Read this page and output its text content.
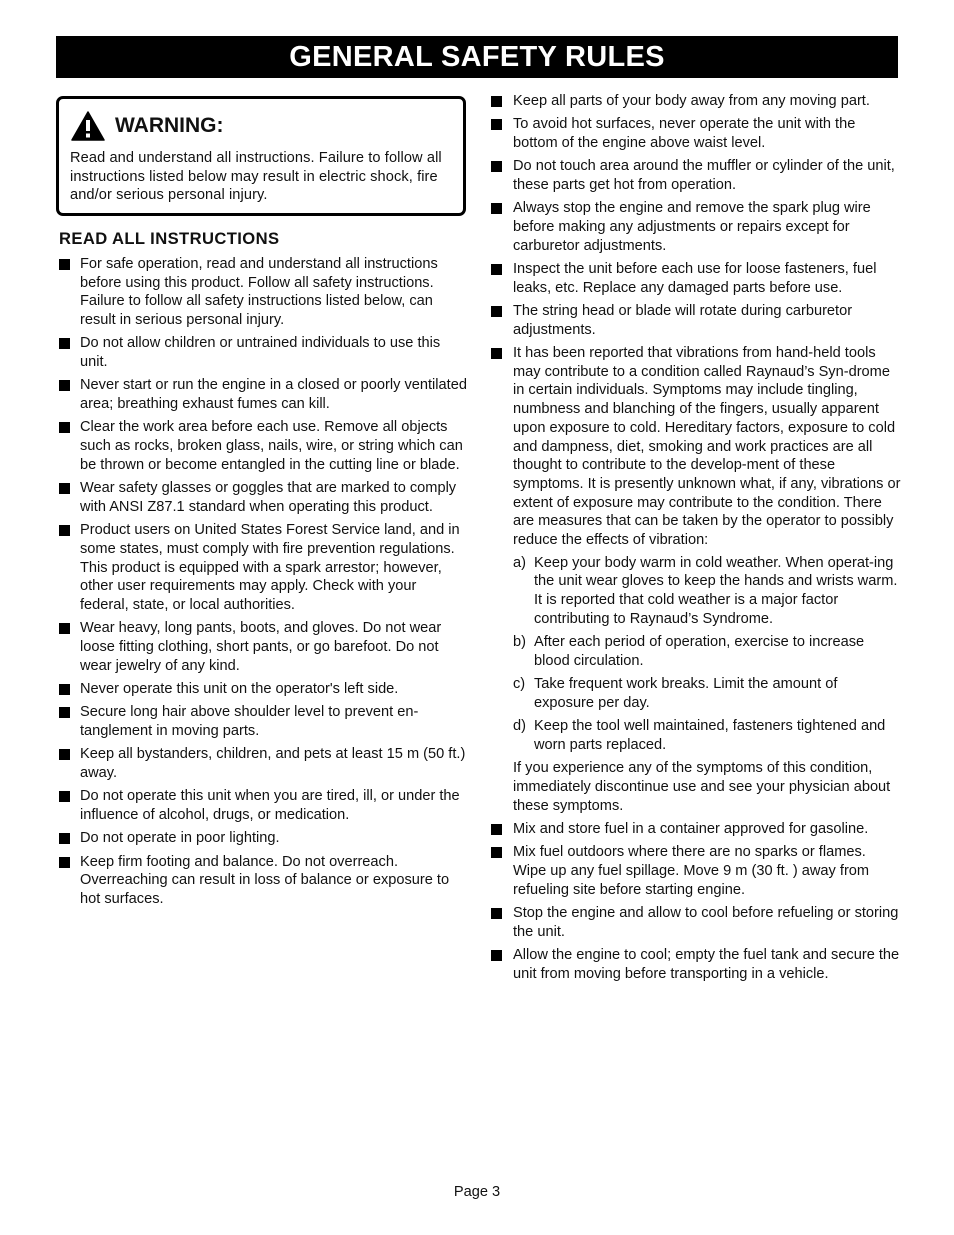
GENERAL SAFETY RULES
WARNING:
Read and understand all instructions. Failure to follow all instructions listed below may result in electric shock, fire and/or serious personal injury.
READ ALL INSTRUCTIONS
For safe operation, read and understand all instructions before using this product. Follow all safety instructions. Failure to follow all safety instructions listed below, can result in serious personal injury.
Do not allow children or untrained individuals to use this unit.
Never start or run the engine in a closed or poorly ventilated area; breathing exhaust fumes can kill.
Clear the work area before each use. Remove all objects such as rocks, broken glass, nails, wire, or string which can be thrown or become entangled in the cutting line or blade.
Wear safety glasses or goggles that are marked to comply with ANSI Z87.1 standard when operating this product.
Product users on United States Forest Service land, and in some states, must comply with fire prevention regulations. This product is equipped with a spark arrestor; however, other user requirements may apply. Check with your federal, state, or local authorities.
Wear heavy, long pants, boots, and gloves. Do not wear loose fitting clothing, short pants, or go barefoot. Do not wear jewelry of any kind.
Never operate this unit on the operator's left side.
Secure long hair above shoulder level to prevent en-tanglement in moving parts.
Keep all bystanders, children, and pets at least 15 m (50 ft.) away.
Do not operate this unit when you are tired, ill, or under the influence of alcohol, drugs, or medication.
Do not operate in poor lighting.
Keep firm footing and balance. Do not overreach. Overreaching can result in loss of balance or exposure to hot surfaces.
Keep all parts of your body away from any moving part.
To avoid hot surfaces, never operate the unit with the bottom of the engine above waist level.
Do not touch area around the muffler or cylinder of the unit, these parts get hot from operation.
Always stop the engine and remove the spark plug wire before making any adjustments or repairs except for carburetor adjustments.
Inspect the unit before each use for loose fasteners, fuel leaks, etc. Replace any damaged parts before use.
The string head or blade will rotate during carburetor adjustments.
It has been reported that vibrations from hand-held tools may contribute to a condition called Raynaud’s Syn-drome in certain individuals. Symptoms may include tingling, numbness and blanching of the fingers, usually apparent upon exposure to cold. Hereditary factors, exposure to cold and dampness, diet, smoking and work practices are all thought to contribute to the develop-ment of these symptoms. It is presently unknown what, if any, vibrations or extent of exposure may contribute to the condition. There are measures that can be taken by the operator to possibly reduce the effects of vibration:
a) Keep your body warm in cold weather. When operat-ing the unit wear gloves to keep the hands and wrists warm. It is reported that cold weather is a major factor contributing to Raynaud’s Syndrome.
b) After each period of operation, exercise to increase blood circulation.
c) Take frequent work breaks. Limit the amount of exposure per day.
d) Keep the tool well maintained, fasteners tightened and worn parts replaced.
If you experience any of the symptoms of this condition, immediately discontinue use and see your physician about these symptoms.
Mix and store fuel in a container approved for gasoline.
Mix fuel outdoors where there are no sparks or flames. Wipe up any fuel spillage. Move 9 m (30 ft. ) away from refueling site before starting engine.
Stop the engine and allow to cool before refueling or storing the unit.
Allow the engine to cool; empty the fuel tank and secure the unit from moving before transporting in a vehicle.
Page 3
